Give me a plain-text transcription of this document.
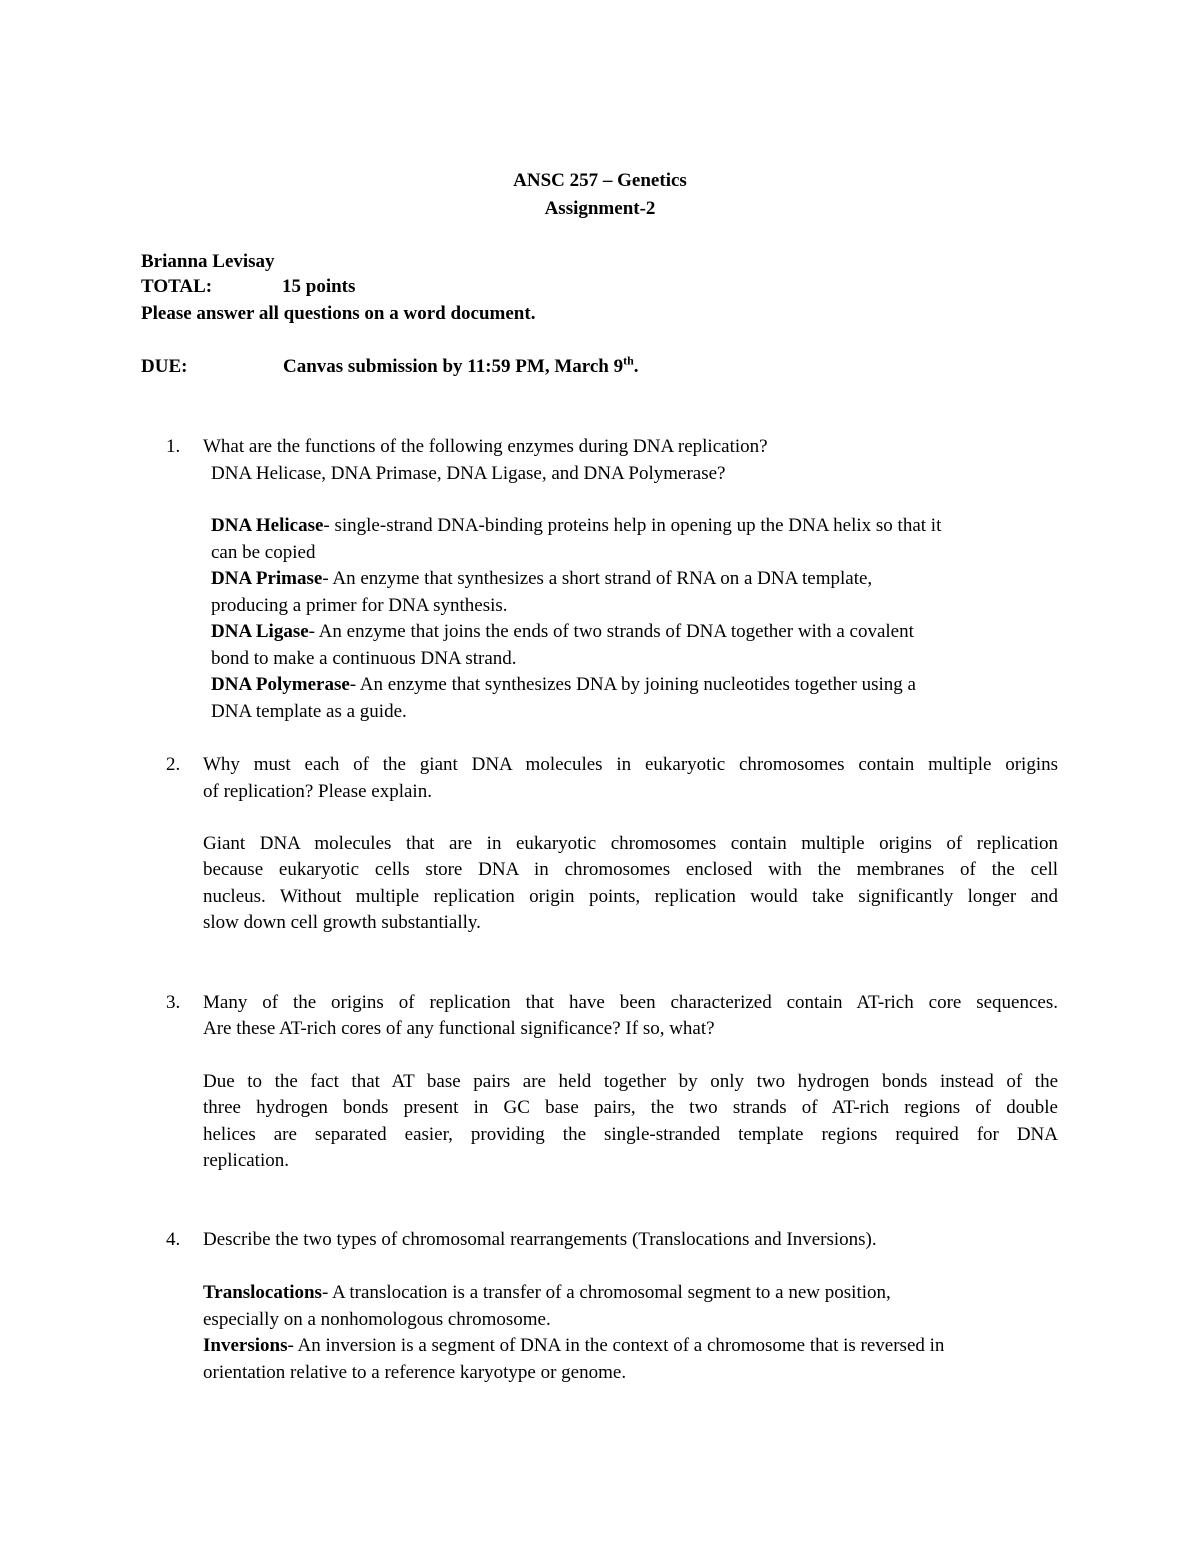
ANSC 257 – Genetics
Assignment-2
Brianna Levisay
TOTAL:	15 points
Please answer all questions on a word document.
DUE:	Canvas submission by 11:59 PM, March 9th.
1. What are the functions of the following enzymes during DNA replication?
DNA Helicase, DNA Primase, DNA Ligase, and DNA Polymerase?
DNA Helicase- single-strand DNA-binding proteins help in opening up the DNA helix so that it
can be copied
DNA Primase- An enzyme that synthesizes a short strand of RNA on a DNA template,
producing a primer for DNA synthesis.
DNA Ligase- An enzyme that joins the ends of two strands of DNA together with a covalent
bond to make a continuous DNA strand.
DNA Polymerase- An enzyme that synthesizes DNA by joining nucleotides together using a
DNA template as a guide.
2. Why must each of the giant DNA molecules in eukaryotic chromosomes contain multiple origins
of replication? Please explain.
Giant DNA molecules that are in eukaryotic chromosomes contain multiple origins of replication
because eukaryotic cells store DNA in chromosomes enclosed with the membranes of the cell
nucleus. Without multiple replication origin points, replication would take significantly longer and
slow down cell growth substantially.
3. Many of the origins of replication that have been characterized contain AT-rich core sequences.
Are these AT-rich cores of any functional significance? If so, what?
Due to the fact that AT base pairs are held together by only two hydrogen bonds instead of the
three hydrogen bonds present in GC base pairs, the two strands of AT-rich regions of double
helices are separated easier, providing the single-stranded template regions required for DNA
replication.
4. Describe the two types of chromosomal rearrangements (Translocations and Inversions).
Translocations- A translocation is a transfer of a chromosomal segment to a new position,
especially on a nonhomologous chromosome.
Inversions- An inversion is a segment of DNA in the context of a chromosome that is reversed in
orientation relative to a reference karyotype or genome.
